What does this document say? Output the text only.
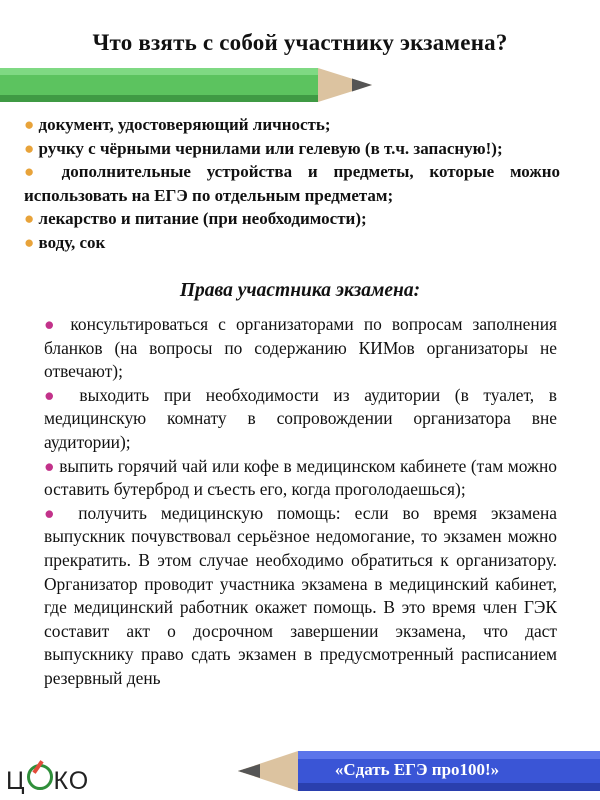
Что взять с собой участнику экзамена?

● документ, удостоверяющий личность;

● ручку с чёрными чернилами или гелевую (в т.ч. запасную!);

● дополнительные устройства и предметы, которые можно использовать на ЕГЭ по отдельным предметам;

● лекарство и питание (при необходимости);

● воду, сок

Права участника экзамена:

● консультироваться с организаторами по вопросам заполнения бланков (на вопросы по содержанию КИМов организаторы не отвечают);

● выходить при необходимости из аудитории (в туалет, в медицинскую комнату в сопровождении организатора вне аудитории);

● выпить горячий чай или кофе в медицинском кабинете (там можно оставить бутерброд и съесть его, когда проголодаешься);

● получить медицинскую помощь: если во время экзамена выпускник почувствовал серьёзное недомогание, то экзамен можно прекратить. В этом случае необходимо обратиться к организатору. Организатор проводит участника экзамена в медицинский кабинет, где медицинский работник окажет помощь. В это время член ГЭК составит акт о досрочном завершении экзамена, что даст выпускнику право сдать экзамен в предусмотренный расписанием резервный день

Ц КО	«Сдать ЕГЭ про100!»
